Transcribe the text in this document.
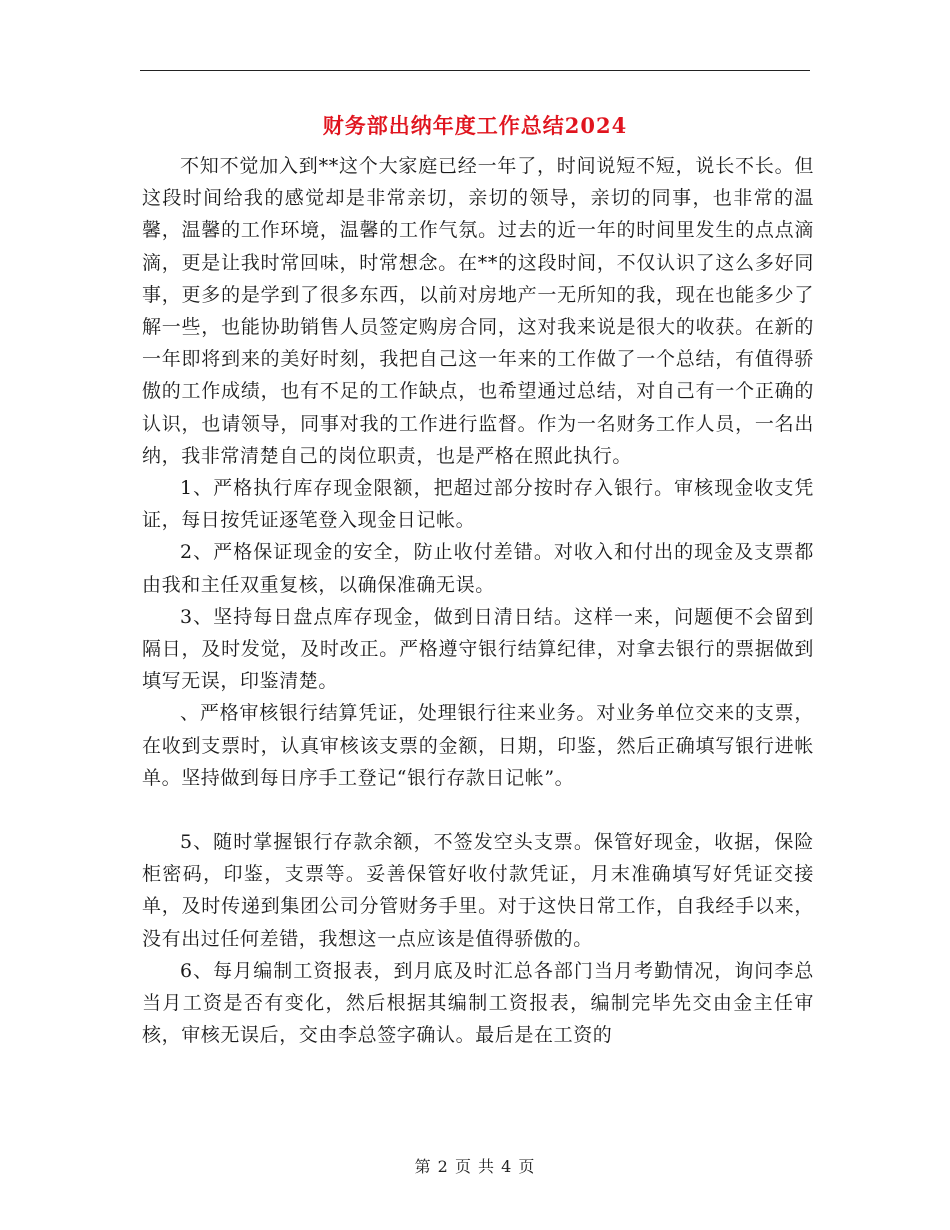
财务部出纳年度工作总结2024

不知不觉加入到**这个大家庭已经一年了，时间说短不短，说长不长。但这段时间给我的感觉却是非常亲切，亲切的领导，亲切的同事，也非常的温馨，温馨的工作环境，温馨的工作气氛。过去的近一年的时间里发生的点点滴滴，更是让我时常回味，时常想念。在**的这段时间，不仅认识了这么多好同事，更多的是学到了很多东西，以前对房地产一无所知的我，现在也能多少了解一些，也能协助销售人员签定购房合同，这对我来说是很大的收获。在新的一年即将到来的美好时刻，我把自己这一年来的工作做了一个总结，有值得骄傲的工作成绩，也有不足的工作缺点，也希望通过总结，对自己有一个正确的认识，也请领导，同事对我的工作进行监督。作为一名财务工作人员，一名出纳，我非常清楚自己的岗位职责，也是严格在照此执行。

1、严格执行库存现金限额，把超过部分按时存入银行。审核现金收支凭证，每日按凭证逐笔登入现金日记帐。

2、严格保证现金的安全，防止收付差错。对收入和付出的现金及支票都由我和主任双重复核，以确保准确无误。

3、坚持每日盘点库存现金，做到日清日结。这样一来，问题便不会留到隔日，及时发觉，及时改正。严格遵守银行结算纪律，对拿去银行的票据做到填写无误，印鉴清楚。

、严格审核银行结算凭证，处理银行往来业务。对业务单位交来的支票，在收到支票时，认真审核该支票的金额，日期，印鉴，然后正确填写银行进帐单。坚持做到每日序手工登记“银行存款日记帐”。

5、随时掌握银行存款余额，不签发空头支票。保管好现金，收据，保险柜密码，印鉴，支票等。妥善保管好收付款凭证，月末准确填写好凭证交接单，及时传递到集团公司分管财务手里。对于这快日常工作，自我经手以来，没有出过任何差错，我想这一点应该是值得骄傲的。

6、每月编制工资报表，到月底及时汇总各部门当月考勤情况，询问李总当月工资是否有变化，然后根据其编制工资报表，编制完毕先交由金主任审核，审核无误后，交由李总签字确认。最后是在工资的

第 2 页 共 4 页
